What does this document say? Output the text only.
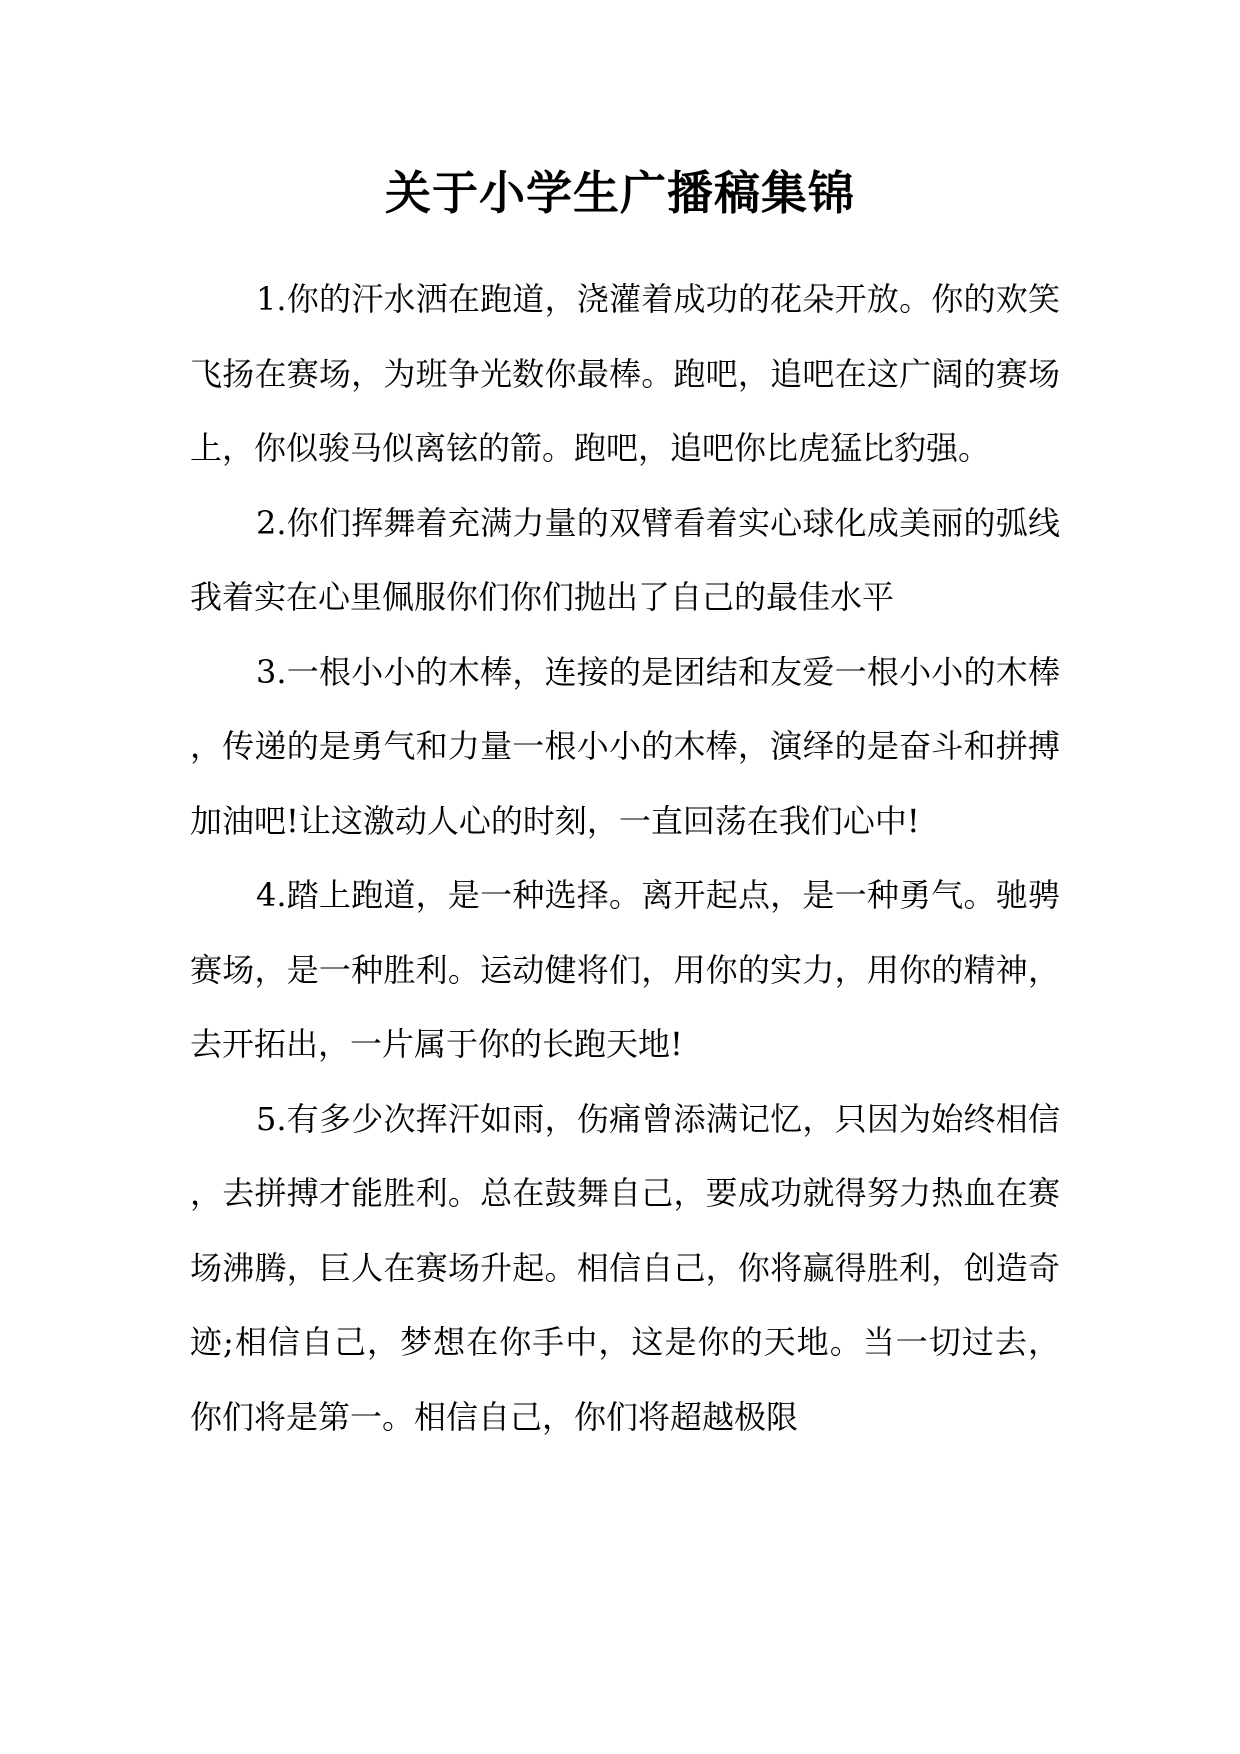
关于小学生广播稿集锦

1.你的汗水洒在跑道，浇灌着成功的花朵开放。你的欢笑飞扬在赛场，为班争光数你最棒。跑吧，追吧在这广阔的赛场上，你似骏马似离铉的箭。跑吧，追吧你比虎猛比豹强。

2.你们挥舞着充满力量的双臂看着实心球化成美丽的弧线我着实在心里佩服你们你们抛出了自己的最佳水平

3.一根小小的木棒，连接的是团结和友爱一根小小的木棒，传递的是勇气和力量一根小小的木棒，演绎的是奋斗和拼搏加油吧!让这激动人心的时刻，一直回荡在我们心中!

4.踏上跑道，是一种选择。离开起点，是一种勇气。驰骋赛场，是一种胜利。运动健将们，用你的实力，用你的精神，去开拓出，一片属于你的长跑天地!

5.有多少次挥汗如雨，伤痛曾添满记忆，只因为始终相信，去拼搏才能胜利。总在鼓舞自己，要成功就得努力热血在赛场沸腾，巨人在赛场升起。相信自己，你将赢得胜利，创造奇迹;相信自己，梦想在你手中，这是你的天地。当一切过去，你们将是第一。相信自己，你们将超越极限
